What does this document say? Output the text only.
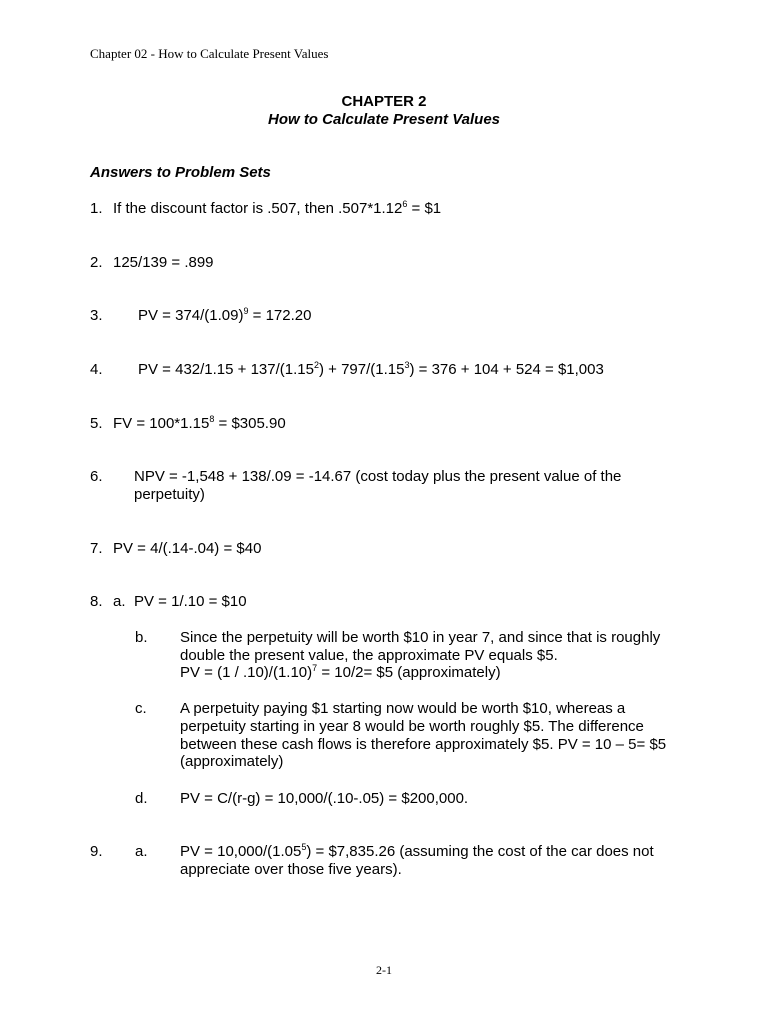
Chapter 02 - How to Calculate Present Values
CHAPTER 2
How to Calculate Present Values
Answers to Problem Sets
1. If the discount factor is .507, then $.507*1.12^6$ = $1
2. 125/139 = .899
3. PV = $374/(1.09)^9 = 172.20$
4. PV = $432/1.15 + 137/(1.15^2) + 797/(1.15^3) = 376 + 104 + 524$ = $1,003
5. FV = $100*1.15^8$ = $305.90
6. NPV = -1,548 + 138/.09 = -14.67 (cost today plus the present value of the
perpetuity)
7. PV = 4/(.14-.04) = $40
8. a. PV = 1/.10 = $10
b. Since the perpetuity will be worth $10 in year 7, and since that is roughly
double the present value, the approximate PV equals $5.
PV = $(1 / .10)/(1.10)^7 = 10/2=$ $5 (approximately)
c. A perpetuity paying $1 starting now would be worth $10, whereas a
perpetuity starting in year 8 would be worth roughly $5. The difference
between these cash flows is therefore approximately $5. PV = 10 – 5= $5
(approximately)
d. PV = C/(r-g) = 10,000/(.10-.05) = $200,000.
9. a. PV = $10,000/(1.05^5)$ = $7,835.26 (assuming the cost of the car does not
appreciate over those five years).
2-1
